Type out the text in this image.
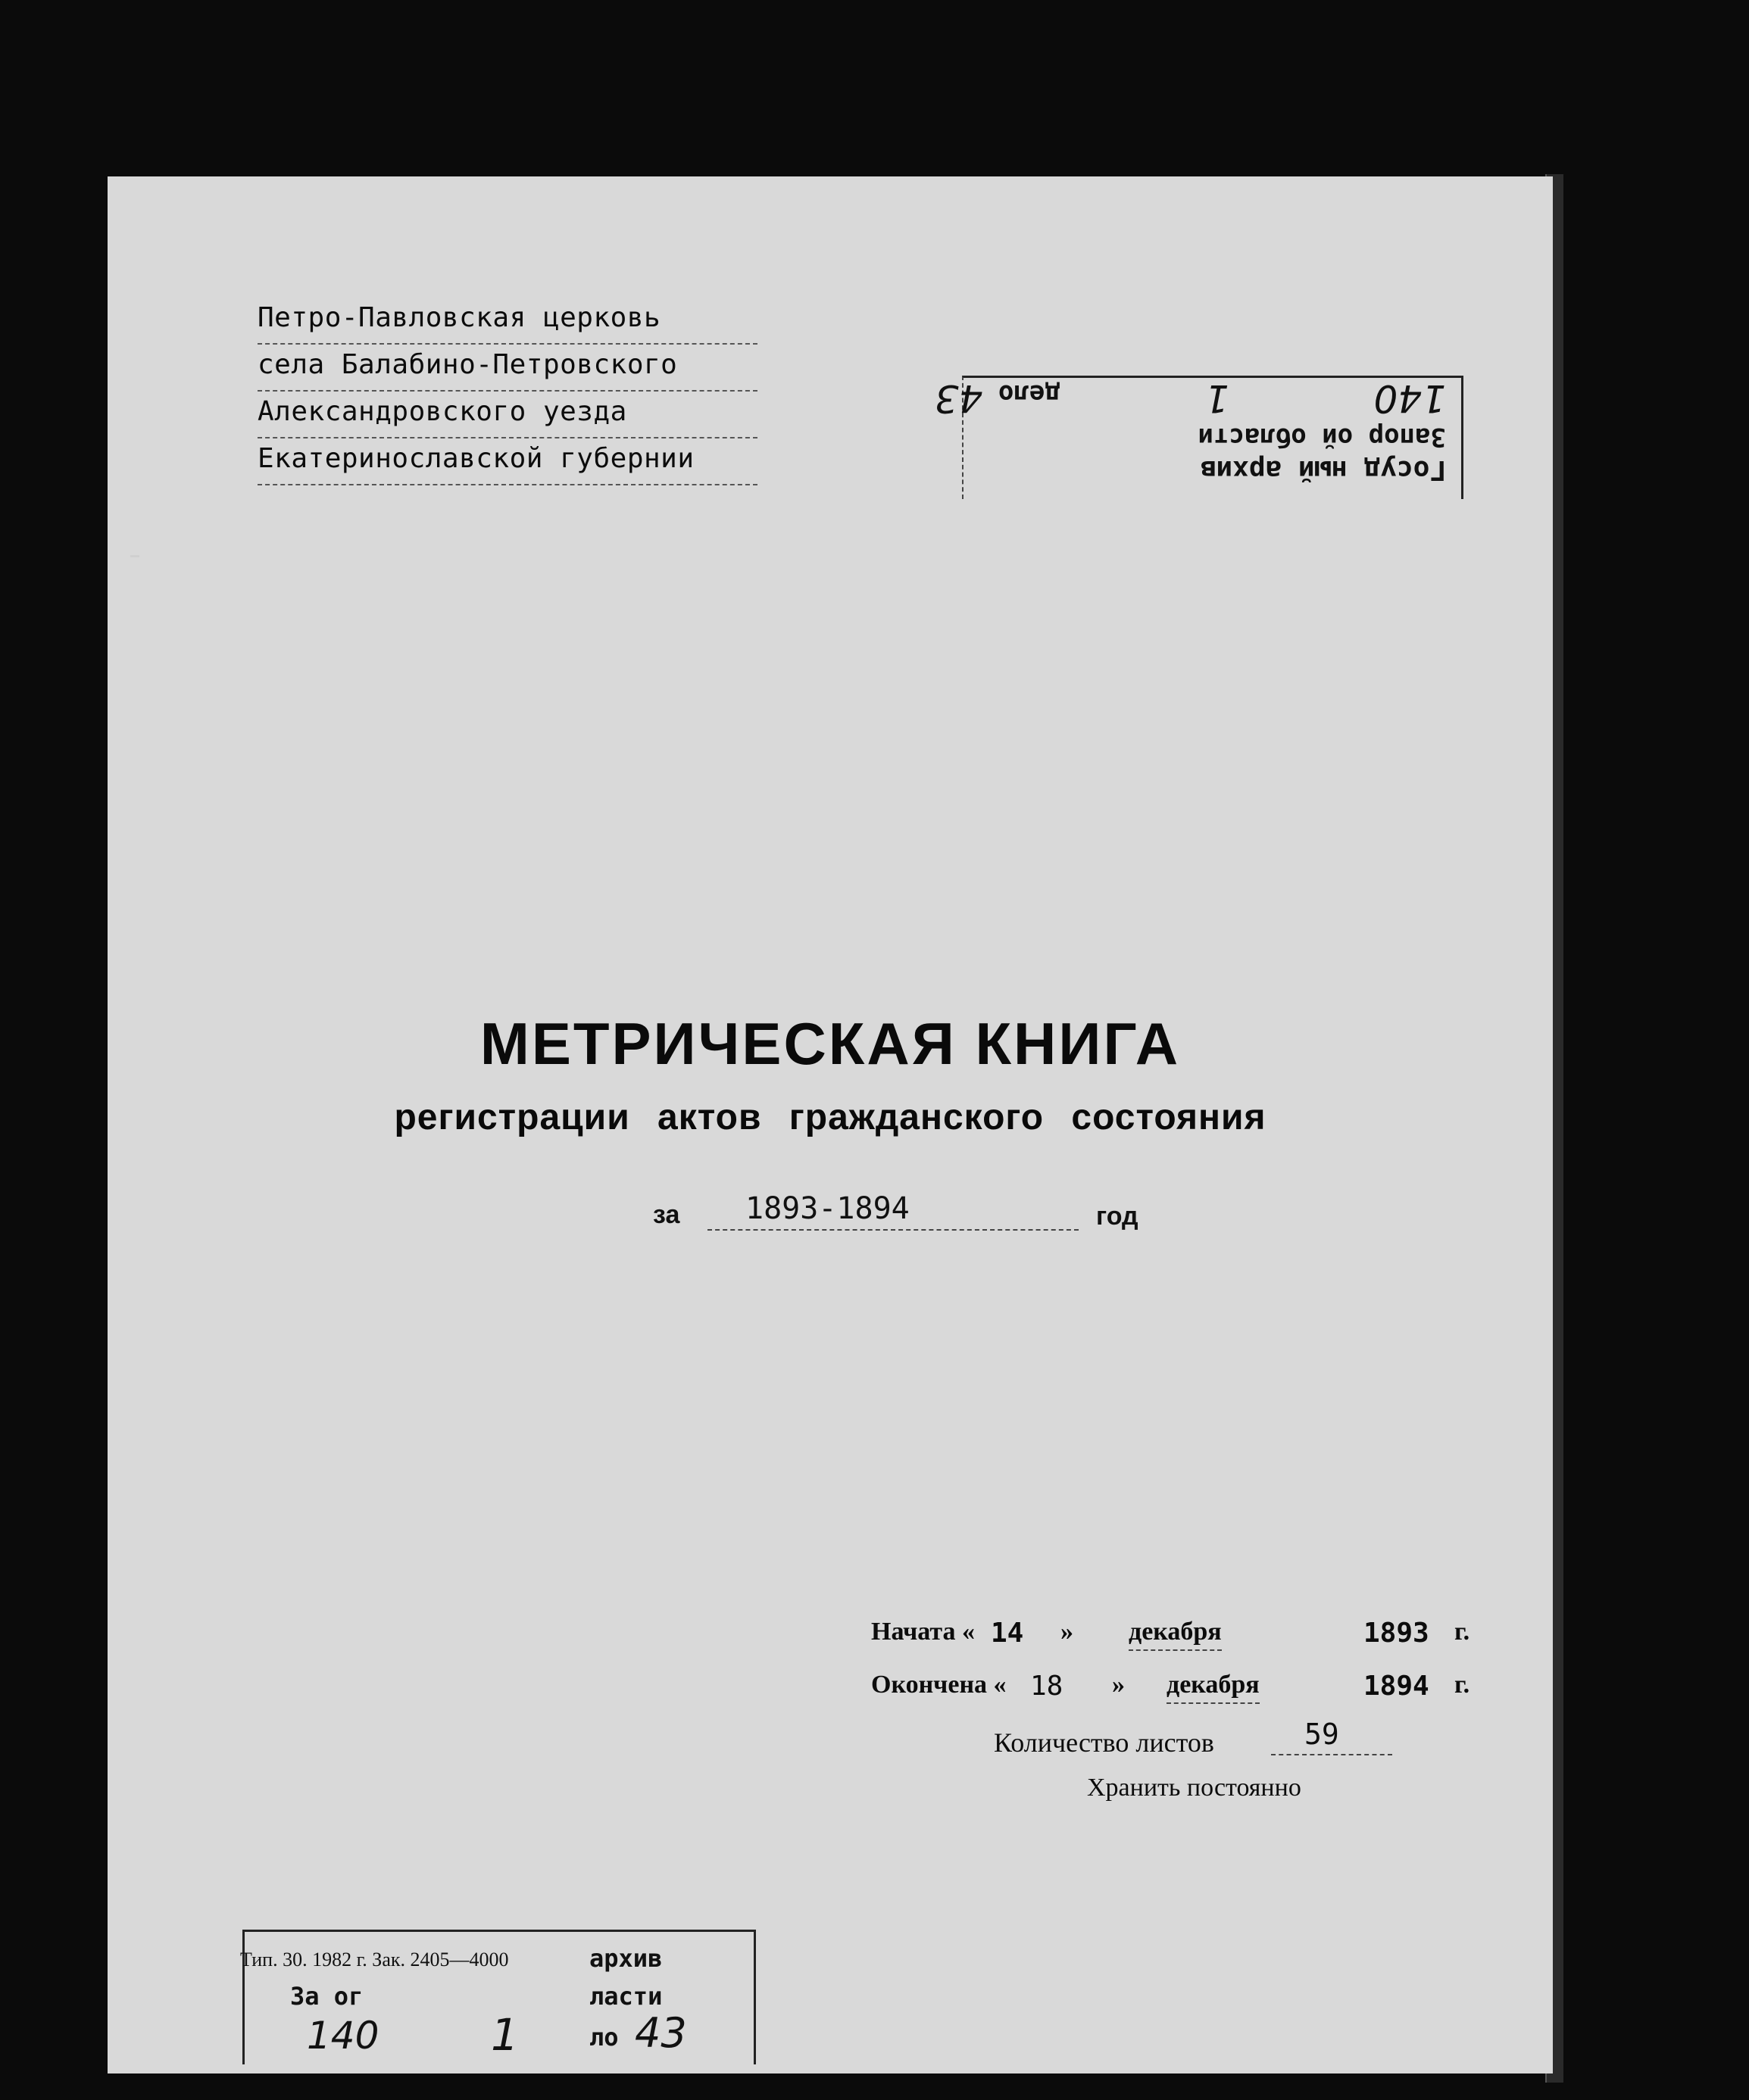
Госуд ный архив
Запор ой области
140  1  дело 43
Петро-Павловская церковь
села Балабино-Петровского
Александровского уезда
Екатеринославской губернии
МЕТРИЧЕСКАЯ КНИГА
регистрации актов гражданского состояния
за 1893-1894	год
Начата « 14 » декабря	1893 г.
Окончена « 18 » декабря	1894 г.
Количество листов	59
Хранить постоянно
Тип. 30. 1982 г. Зак. 2405—4000	архив
За ог	ласти
140	1	ло 43
